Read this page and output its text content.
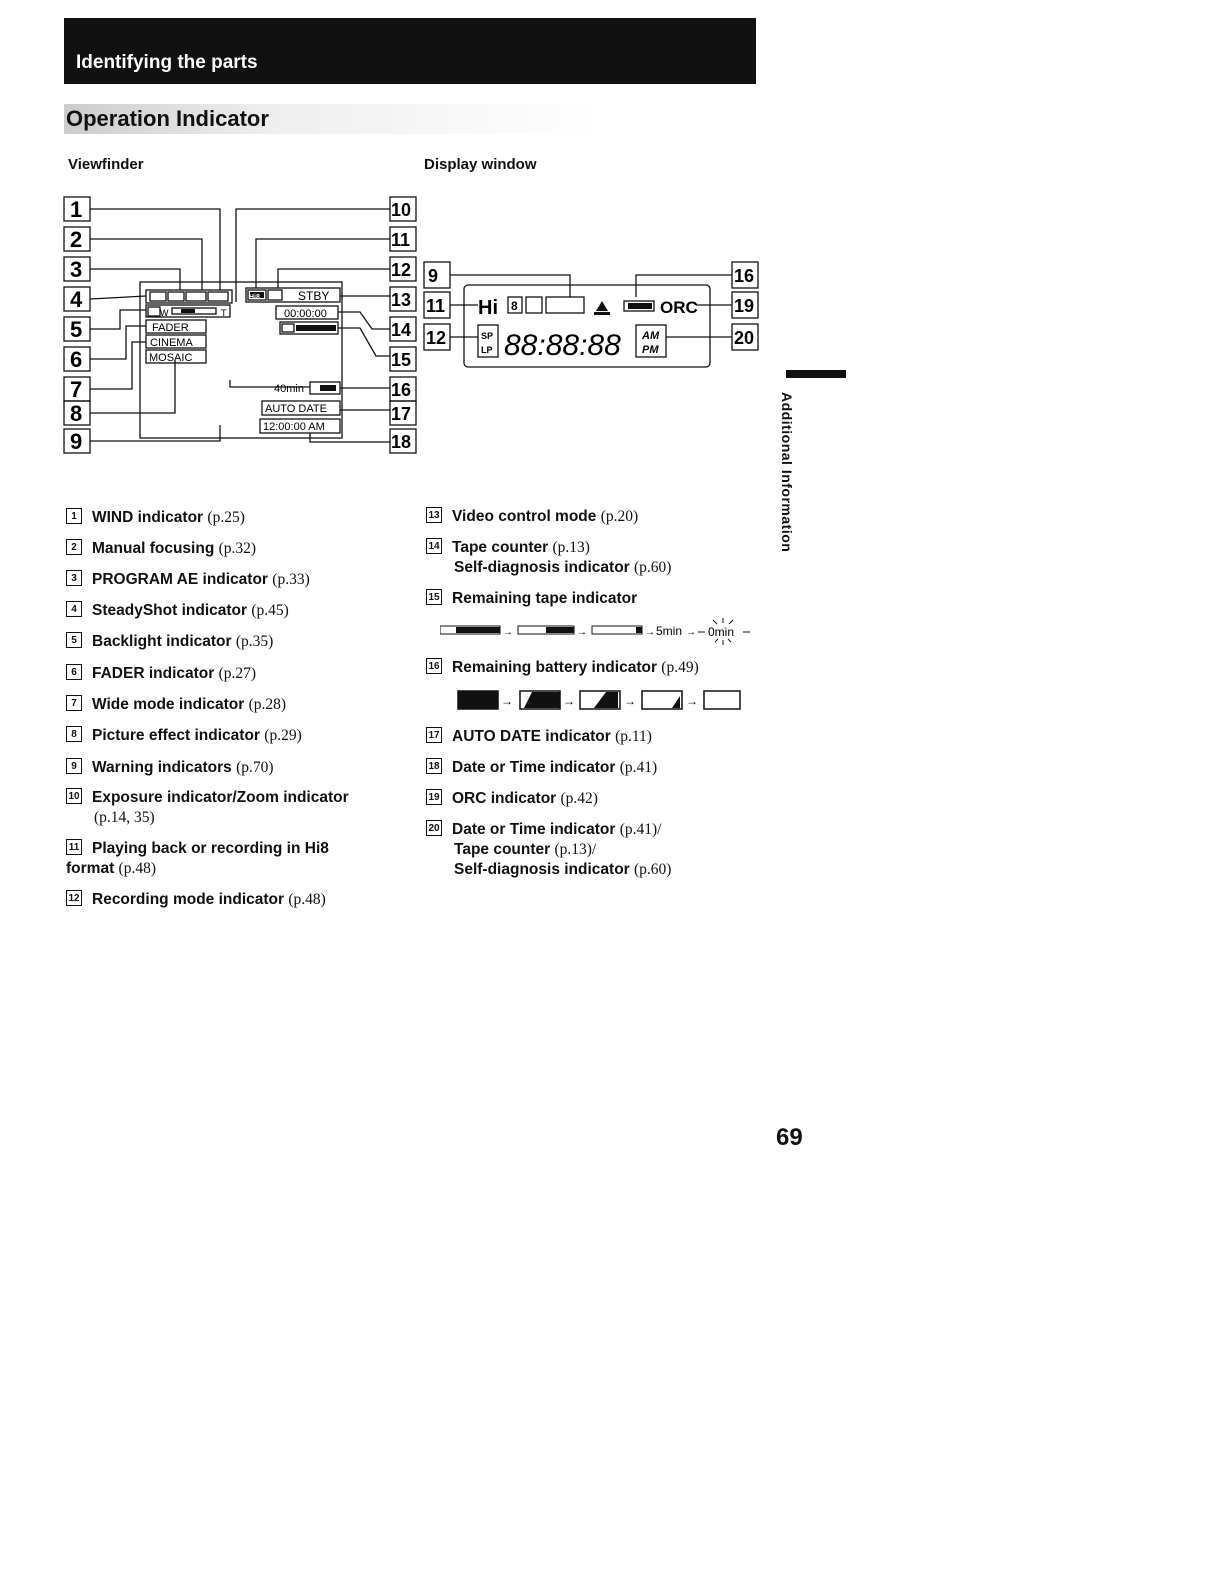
Identifying the parts
Operation Indicator
Viewfinder	Display window
W	T
FADER
CINEMA
MOSAIC
STBY
00:00:00
40min
AUTO DATE
12:00:00 AM
Hi8
1
2
3
4
5
6
7
8
9
10
11
12
13
14
15
16
17
18
Hi 8	ORC
SP
LP 88:88:88 AM
PM
9
11
12
16
19
20
Additional Information
1 WIND indicator (p.25)
2 Manual focusing (p.32)
3 PROGRAM AE indicator (p.33)
4 SteadyShot indicator (p.45)
5 Backlight indicator (p.35)
6 FADER indicator (p.27)
7 Wide mode indicator (p.28)
8 Picture effect indicator (p.29)
9 Warning indicators (p.70)
10 Exposure indicator/Zoom indicator
(p.14, 35)
11 Playing back or recording in Hi8 format (p.48)
12 Recording mode indicator (p.48)
13 Video control mode (p.20)
14 Tape counter (p.13)
Self-diagnosis indicator (p.60)
15 Remaining tape indicator
16 Remaining battery indicator (p.49)
17 AUTO DATE indicator (p.11)
18 Date or Time indicator (p.41)
19 ORC indicator (p.42)
20 Date or Time indicator (p.41)/
Tape counter (p.13)/
Self-diagnosis indicator (p.60)
→	→	→ 5min → 0min
→	→	→	→
69
